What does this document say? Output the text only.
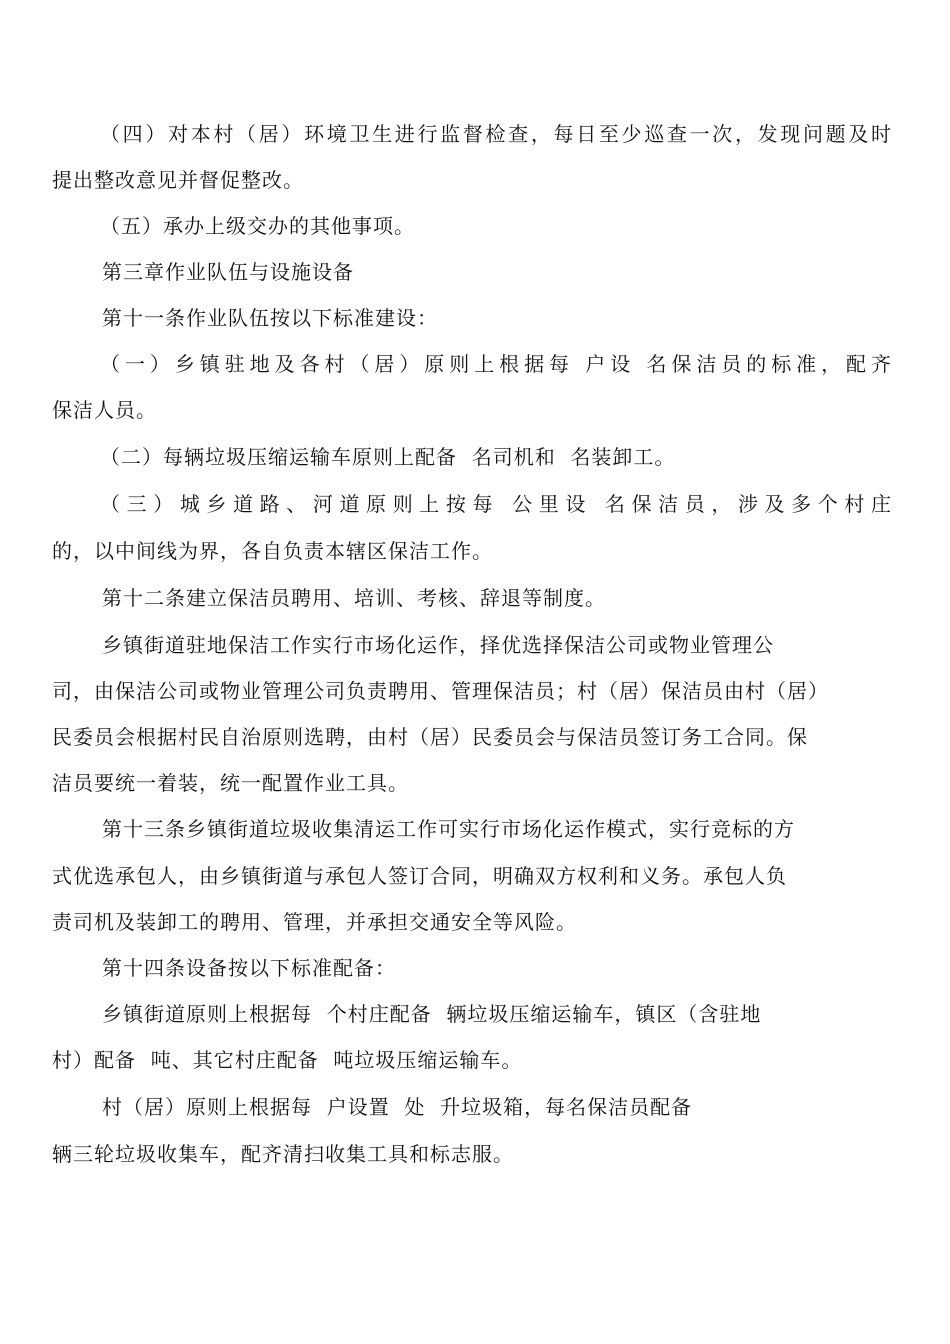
（四）对本村（居）环境卫生进行监督检查，每日至少巡查一次，发现问题及时
提出整改意见并督促整改。
（五）承办上级交办的其他事项。
第三章作业队伍与设施设备
第十一条作业队伍按以下标准建设：
（一）乡镇驻地及各村（居）原则上根据每 户设 名保洁员的标准，配齐
保洁人员。
（二）每辆垃圾压缩运输车原则上配备  名司机和  名装卸工。
（三）城乡道路、河道原则上按每 公里设 名保洁员，涉及多个村庄
的，以中间线为界，各自负责本辖区保洁工作。
第十二条建立保洁员聘用、培训、考核、辞退等制度。
乡镇街道驻地保洁工作实行市场化运作，择优选择保洁公司或物业管理公
司，由保洁公司或物业管理公司负责聘用、管理保洁员；村（居）保洁员由村（居）
民委员会根据村民自治原则选聘，由村（居）民委员会与保洁员签订务工合同。保
洁员要统一着装，统一配置作业工具。
第十三条乡镇街道垃圾收集清运工作可实行市场化运作模式，实行竞标的方
式优选承包人，由乡镇街道与承包人签订合同，明确双方权利和义务。承包人负
责司机及装卸工的聘用、管理，并承担交通安全等风险。
第十四条设备按以下标准配备：
乡镇街道原则上根据每  个村庄配备  辆垃圾压缩运输车，镇区（含驻地
村）配备  吨、其它村庄配备  吨垃圾压缩运输车。
村（居）原则上根据每  户设置  处  升垃圾箱，每名保洁员配备
辆三轮垃圾收集车，配齐清扫收集工具和标志服。
